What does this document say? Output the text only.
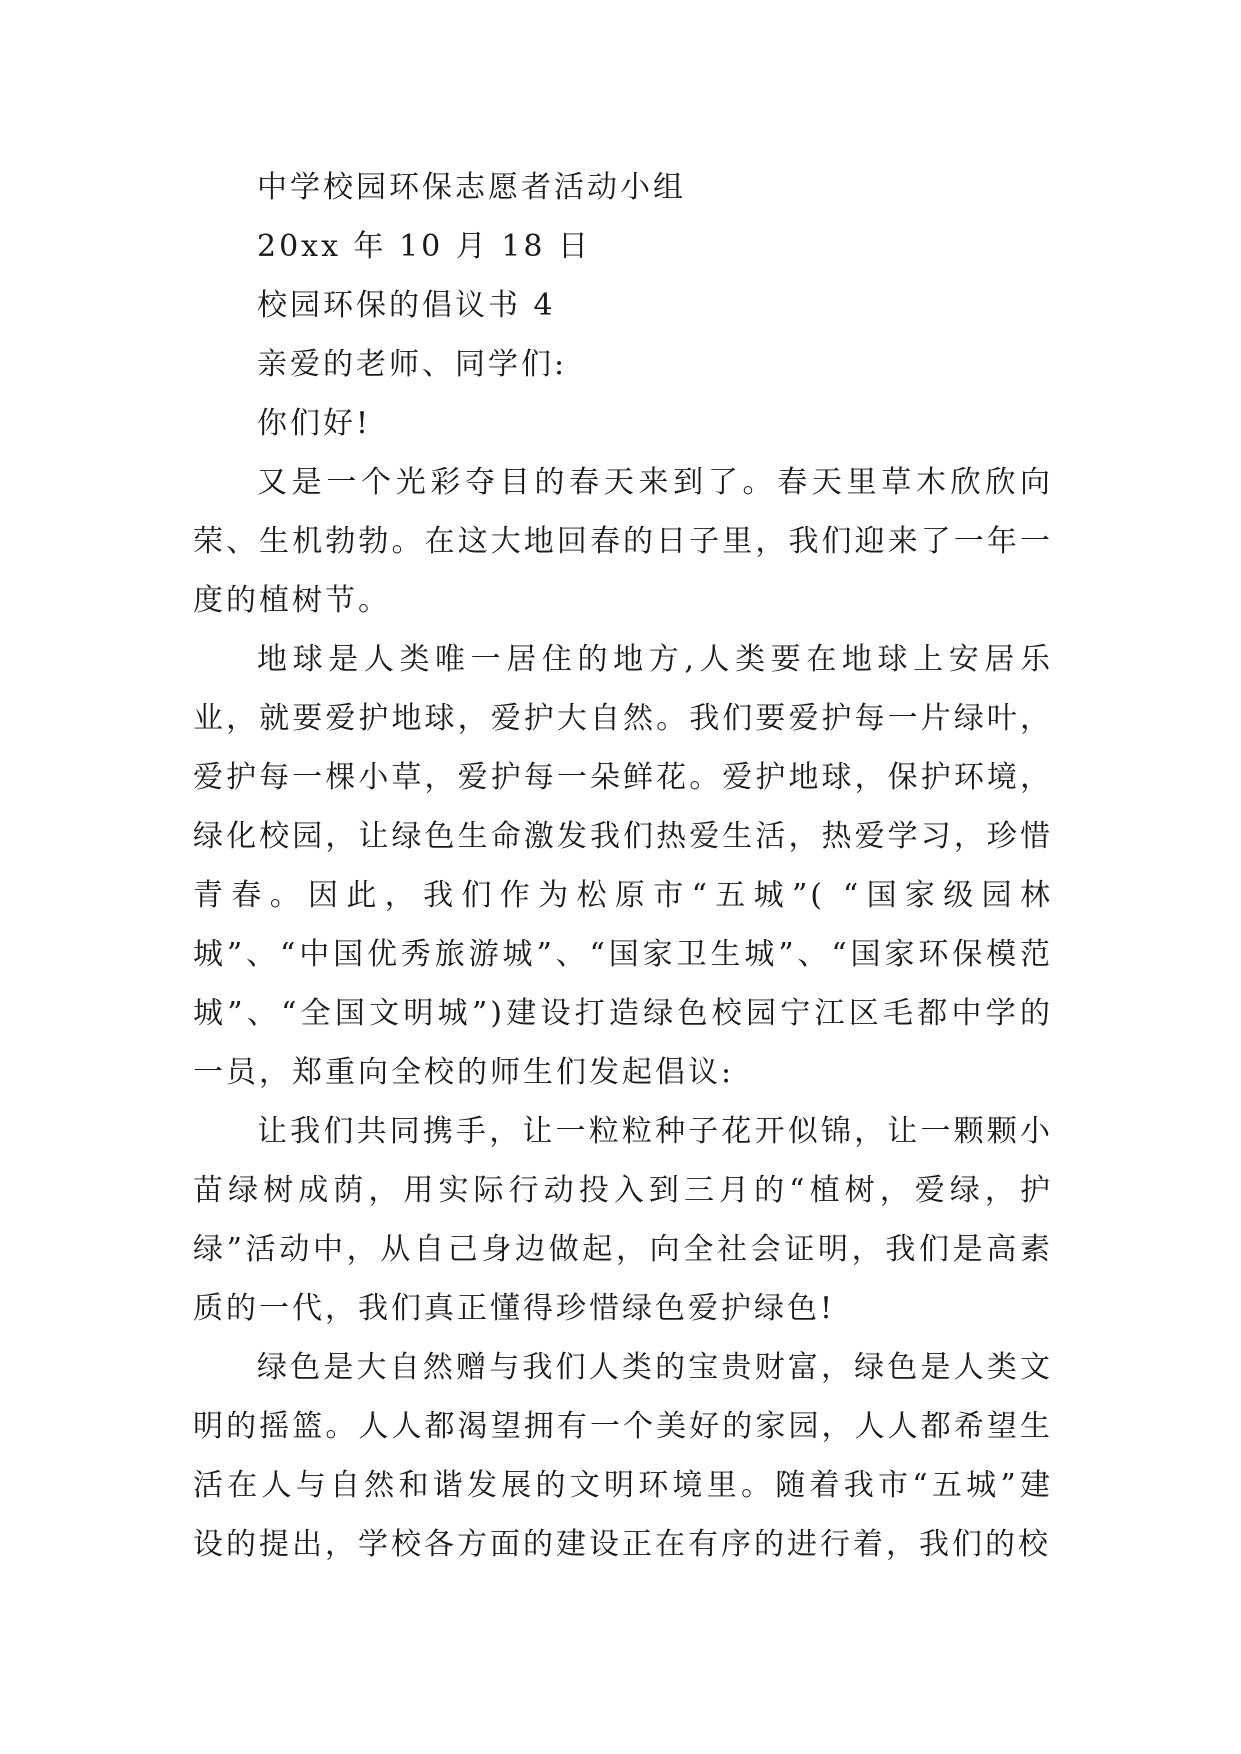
中学校园环保志愿者活动小组

20xx 年 10 月 18 日

校园环保的倡议书 4

亲爱的老师、同学们:

你们好!

又是一个光彩夺目的春天来到了。春天里草木欣欣向荣、生机勃勃。在这大地回春的日子里，我们迎来了一年一度的植树节。

地球是人类唯一居住的地方,人类要在地球上安居乐业，就要爱护地球，爱护大自然。我们要爱护每一片绿叶，爱护每一棵小草，爱护每一朵鲜花。爱护地球，保护环境，绿化校园，让绿色生命激发我们热爱生活，热爱学习，珍惜青春。因此，我们作为松原市“五城”( “国家级园林城”、“中国优秀旅游城”、“国家卫生城”、“国家环保模范城”、“全国文明城”)建设打造绿色校园宁江区毛都中学的一员，郑重向全校的师生们发起倡议:

让我们共同携手，让一粒粒种子花开似锦，让一颗颗小苗绿树成荫，用实际行动投入到三月的“植树，爱绿，护绿”活动中，从自己身边做起，向全社会证明，我们是高素质的一代，我们真正懂得珍惜绿色爱护绿色!

绿色是大自然赠与我们人类的宝贵财富，绿色是人类文明的摇篮。人人都渴望拥有一个美好的家园，人人都希望生活在人与自然和谐发展的文明环境里。随着我市“五城”建设的提出，学校各方面的建设正在有序的进行着，我们的校
